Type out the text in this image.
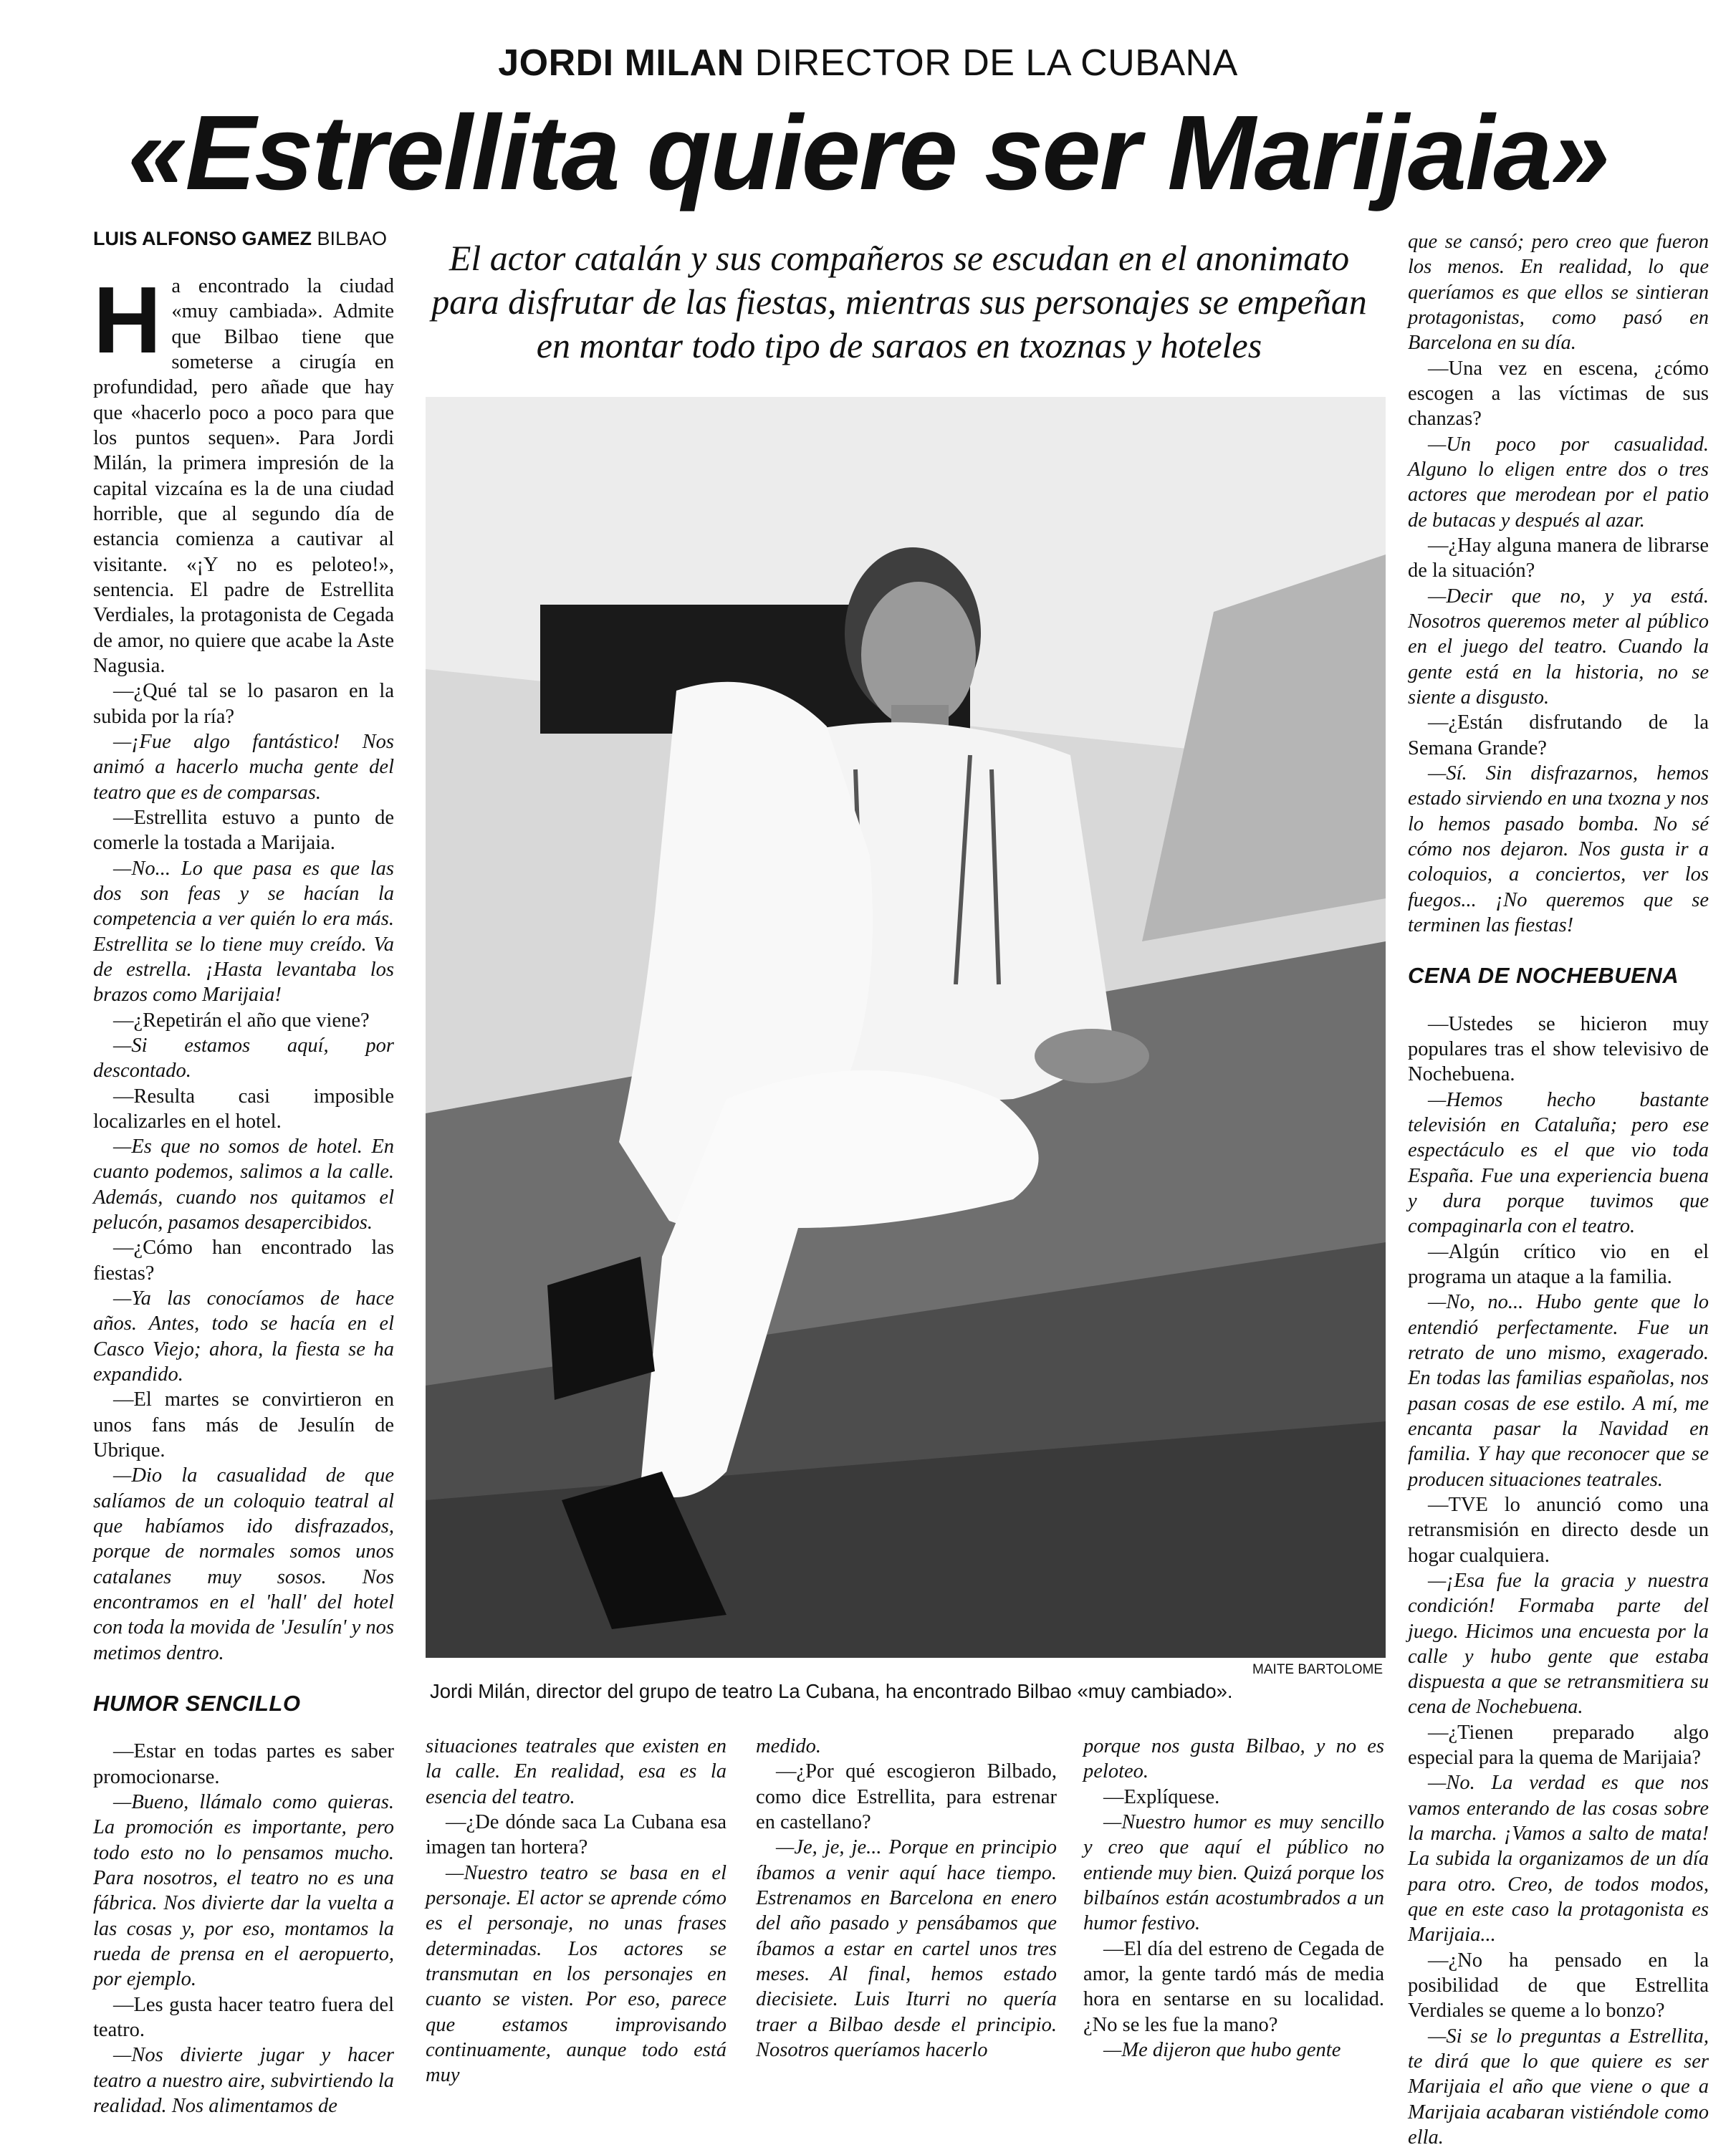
JORDI MILAN DIRECTOR DE LA CUBANA
«Estrellita quiere ser Marijaia»
LUIS ALFONSO GAMEZ BILBAO	El actor catalán y sus compañeros se escudan en el anonimato para disfrutar de las fiestas, mientras sus personajes se empeñan en montar todo tipo de saraos en txoznas y hoteles

Ha encontrado la ciudad «muy cambiada». Admite que Bilbao tiene que someterse a cirugía en profundidad, pero añade que hay que «hacerlo poco a poco para que los puntos sequen». Para Jordi Milán, la primera impresión de la capital vizcaína es la de una ciudad horrible, que al segundo día de estancia comienza a cautivar al visitante. «¡Y no es peloteo!», sentencia. El padre de Estrellita Verdiales, la protagonista de Cegada de amor, no quiere que acabe la Aste Nagusia.

—¿Qué tal se lo pasaron en la subida por la ría?

—¡Fue algo fantástico! Nos animó a hacerlo mucha gente del teatro que es de comparsas.

—Estrellita estuvo a punto de comerle la tostada a Marijaia.

—No... Lo que pasa es que las dos son feas y se hacían la competencia a ver quién lo era más. Estrellita se lo tiene muy creído. Va de estrella. ¡Hasta levantaba los brazos como Marijaia!

—¿Repetirán el año que viene?

—Si estamos aquí, por descontado.

—Resulta casi imposible localizarles en el hotel.

—Es que no somos de hotel. En cuanto podemos, salimos a la calle. Además, cuando nos quitamos el pelucón, pasamos desapercibidos.

—¿Cómo han encontrado las fiestas?

—Ya las conocíamos de hace años. Antes, todo se hacía en el Casco Viejo; ahora, la fiesta se ha expandido.

—El martes se convirtieron en unos fans más de Jesulín de Ubrique.

—Dio la casualidad de que salíamos de un coloquio teatral al que habíamos ido disfrazados, porque de normales somos unos catalanes muy sosos. Nos encontramos en el 'hall' del hotel con toda la movida de 'Jesulín' y nos metimos dentro.

HUMOR SENCILLO

—Estar en todas partes es saber promocionarse.

—Bueno, llámalo como quieras. La promoción es importante, pero todo esto no lo pensamos mucho. Para nosotros, el teatro no es una fábrica. Nos divierte dar la vuelta a las cosas y, por eso, montamos la rueda de prensa en el aeropuerto, por ejemplo.

—Les gusta hacer teatro fuera del teatro.

—Nos divierte jugar y hacer teatro a nuestro aire, subvirtiendo la realidad. Nos alimentamos de

MAITE BARTOLOME
Jordi Milán, director del grupo de teatro La Cubana, ha encontrado Bilbao «muy cambiado».

situaciones teatrales que existen en la calle. En realidad, esa es la esencia del teatro.

—¿De dónde saca La Cubana esa imagen tan hortera?

—Nuestro teatro se basa en el personaje. El actor se aprende cómo es el personaje, no unas frases determinadas. Los actores se transmutan en los personajes en cuanto se visten. Por eso, parece que estamos improvisando continuamente, aunque todo está muy

medido.

—¿Por qué escogieron Bilbado, como dice Estrellita, para estrenar en castellano?

—Je, je, je... Porque en principio íbamos a venir aquí hace tiempo. Estrenamos en Barcelona en enero del año pasado y pensábamos que íbamos a estar en cartel unos tres meses. Al final, hemos estado diecisiete. Luis Iturri no quería traer a Bilbao desde el principio. Nosotros queríamos hacerlo

porque nos gusta Bilbao, y no es peloteo.

—Explíquese.

—Nuestro humor es muy sencillo y creo que aquí el público no entiende muy bien. Quizá porque los bilbaínos están acostumbrados a un humor festivo.

—El día del estreno de Cegada de amor, la gente tardó más de media hora en sentarse en su localidad. ¿No se les fue la mano?

—Me dijeron que hubo gente

que se cansó; pero creo que fueron los menos. En realidad, lo que queríamos es que ellos se sintieran protagonistas, como pasó en Barcelona en su día.

—Una vez en escena, ¿cómo escogen a las víctimas de sus chanzas?

—Un poco por casualidad. Alguno lo eligen entre dos o tres actores que merodean por el patio de butacas y después al azar.

—¿Hay alguna manera de librarse de la situación?

—Decir que no, y ya está. Nosotros queremos meter al público en el juego del teatro. Cuando la gente está en la historia, no se siente a disgusto.

—¿Están disfrutando de la Semana Grande?

—Sí. Sin disfrazarnos, hemos estado sirviendo en una txozna y nos lo hemos pasado bomba. No sé cómo nos dejaron. Nos gusta ir a coloquios, a conciertos, ver los fuegos... ¡No queremos que se terminen las fiestas!

CENA DE NOCHEBUENA

—Ustedes se hicieron muy populares tras el show televisivo de Nochebuena.

—Hemos hecho bastante televisión en Cataluña; pero ese espectáculo es el que vio toda España. Fue una experiencia buena y dura porque tuvimos que compaginarla con el teatro.

—Algún crítico vio en el programa un ataque a la familia.

—No, no... Hubo gente que lo entendió perfectamente. Fue un retrato de uno mismo, exagerado. En todas las familias españolas, nos pasan cosas de ese estilo. A mí, me encanta pasar la Navidad en familia. Y hay que reconocer que se producen situaciones teatrales.

—TVE lo anunció como una retransmisión en directo desde un hogar cualquiera.

—¡Esa fue la gracia y nuestra condición! Formaba parte del juego. Hicimos una encuesta por la calle y hubo gente que estaba dispuesta a que se retransmitiera su cena de Nochebuena.

—¿Tienen preparado algo especial para la quema de Marijaia?

—No. La verdad es que nos vamos enterando de las cosas sobre la marcha. ¡Vamos a salto de mata! La subida la organizamos de un día para otro. Creo, de todos modos, que en este caso la protagonista es Marijaia...

—¿No ha pensado en la posibilidad de que Estrellita Verdiales se queme a lo bonzo?

—Si se lo preguntas a Estrellita, te dirá que lo que quiere es ser Marijaia el año que viene o que a Marijaia acabaran vistiéndole como ella.
